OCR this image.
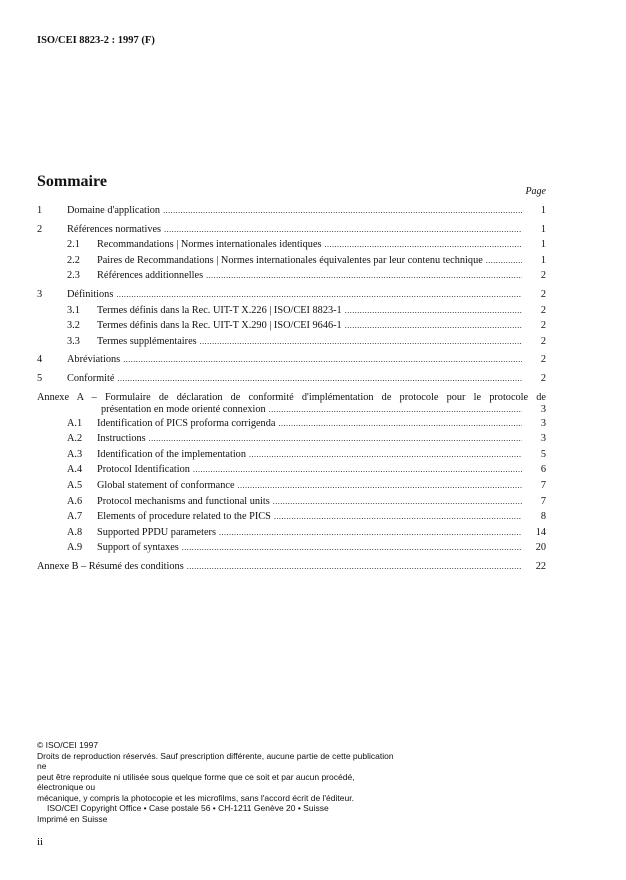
ISO/CEI 8823-2 : 1997 (F)
Sommaire
Page
1 Domaine d'application .....	1
2 Références normatives .....	1
2.1 Recommandations | Normes internationales identiques .....	1
2.2 Paires de Recommandations | Normes internationales équivalentes par leur contenu technique .....	1
2.3 Références additionnelles .....	2
3 Définitions .....	2
3.1 Termes définis dans la Rec. UIT-T X.226 | ISO/CEI 8823-1 .....	2
3.2 Termes définis dans la Rec. UIT-T X.290 | ISO/CEI 9646-1 .....	2
3.3 Termes supplémentaires .....	2
4 Abréviations .....	2
5 Conformité .....	2
Annexe A – Formulaire de déclaration de conformité d'implémentation de protocole pour le protocole de
présentation en mode orienté connexion .....	3
A.1 Identification of PICS proforma corrigenda .....	3
A.2 Instructions .....	3
A.3 Identification of the implementation .....	5
A.4 Protocol Identification .....	6
A.5 Global statement of conformance .....	7
A.6 Protocol mechanisms and functional units .....	7
A.7 Elements of procedure related to the PICS .....	8
A.8 Supported PPDU parameters .....	14
A.9 Support of syntaxes .....	20
Annexe B – Résumé des conditions .....	22
© ISO/CEI 1997
Droits de reproduction réservés. Sauf prescription différente, aucune partie de cette publication ne
peut être reproduite ni utilisée sous quelque forme que ce soit et par aucun procédé, électronique ou
mécanique, y compris la photocopie et les microfilms, sans l'accord écrit de l'éditeur.
ISO/CEI Copyright Office • Case postale 56 • CH-1211 Genève 20 • Suisse
Imprimé en Suisse
ii
